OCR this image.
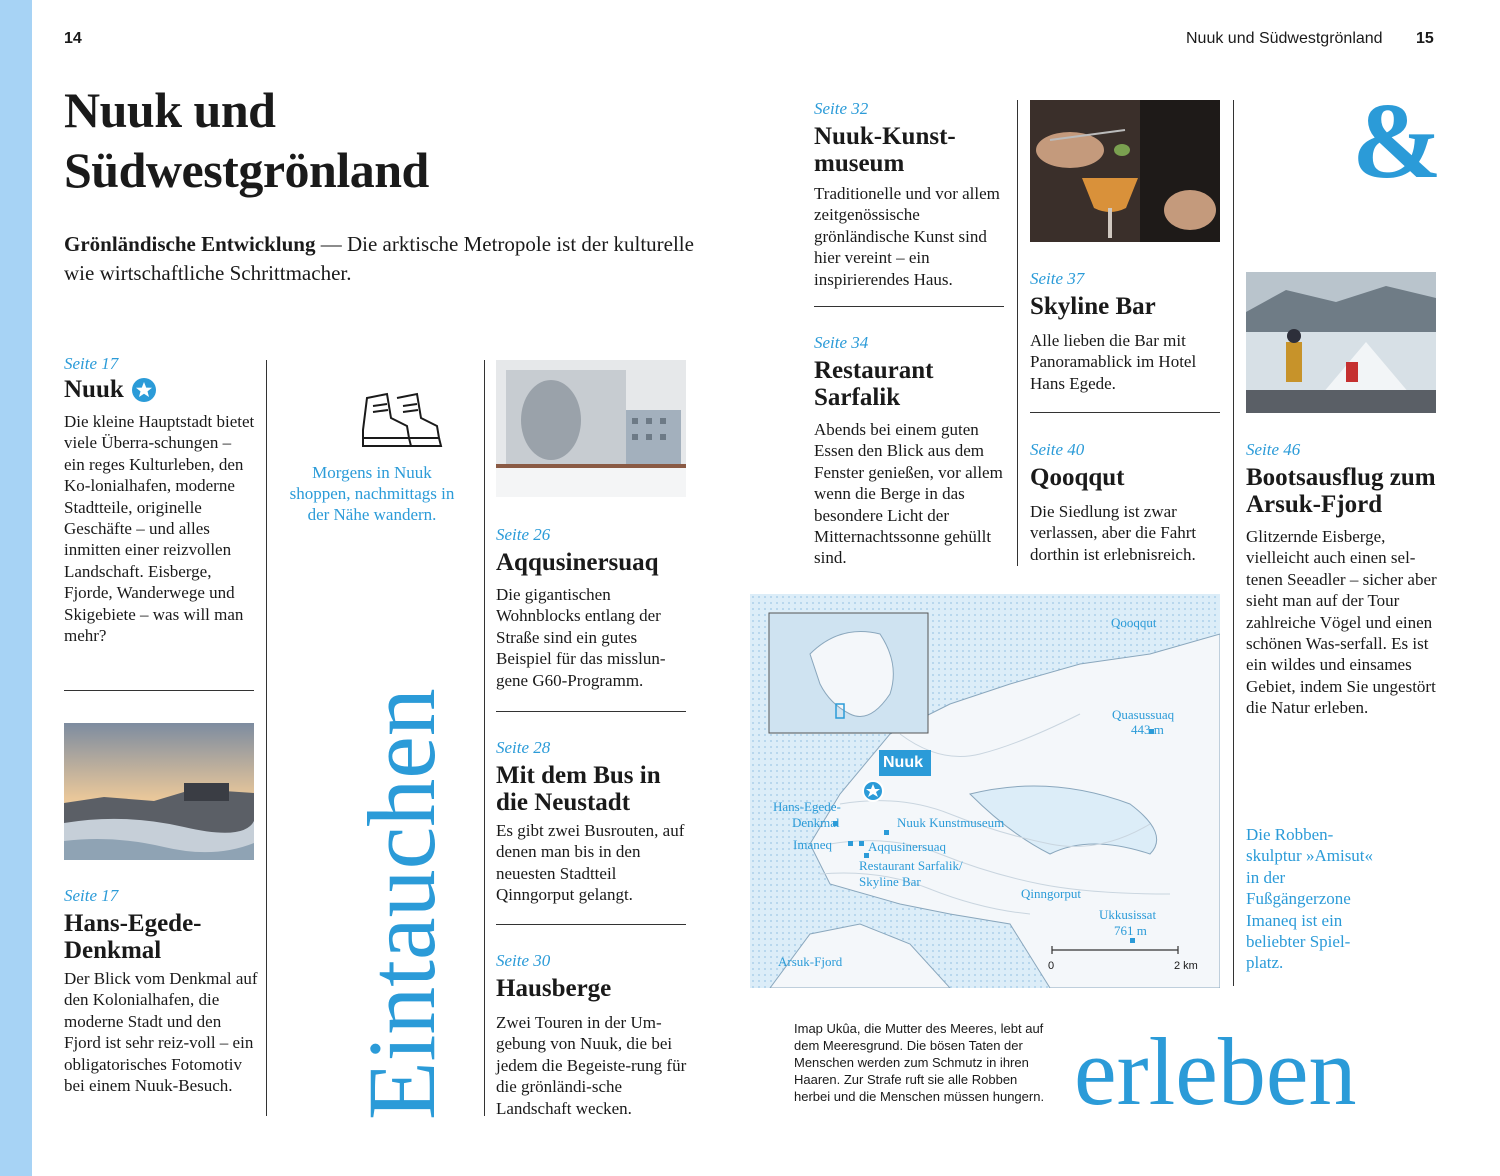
14	Nuuk und Südwestgrönland 15
Nuuk und
Südwestgrönland
Grönländische Entwicklung — Die arktische Metropole ist der kulturelle wie wirtschaftliche Schrittmacher.
Seite 17
Nuuk
Die kleine Hauptstadt bietet viele Überra-schungen – ein reges Kulturleben, den Ko-lonialhafen, moderne Stadtteile, originelle Geschäfte – und alles inmitten einer reizvollen Landschaft. Eisberge, Fjorde, Wanderwege und Skigebiete – was will man mehr?
Seite 17
Hans-Egede-Denkmal
Der Blick vom Denkmal auf den Kolonialhafen, die moderne Stadt und den Fjord ist sehr reiz-voll – ein obligatorisches Fotomotiv bei einem Nuuk-Besuch.
Morgens in Nuuk shoppen, nachmittags in der Nähe wandern.
Eintauchen
Seite 26
Aqqusinersuaq
Die gigantischen Wohnblocks entlang der Straße sind ein gutes Beispiel für das misslun-gene G60-Programm.
Seite 28
Mit dem Bus in die Neustadt
Es gibt zwei Busrouten, auf denen man bis in den neuesten Stadtteil Qinngorput gelangt.
Seite 30
Hausberge
Zwei Touren in der Um-gebung von Nuuk, die bei jedem die Begeiste-rung für die grönländi-sche Landschaft wecken.
Seite 32
Nuuk-Kunst-museum
Traditionelle und vor allem zeitgenössische grönländische Kunst sind hier vereint – ein inspirierendes Haus.
Seite 34
Restaurant Sarfalik
Abends bei einem guten Essen den Blick aus dem Fenster genießen, vor allem wenn die Berge in das besondere Licht der Mitternachtssonne gehüllt sind.
Seite 37
Skyline Bar
Alle lieben die Bar mit Panoramablick im Hotel Hans Egede.
Seite 40
Qooqqut
Die Siedlung ist zwar verlassen, aber die Fahrt dorthin ist erlebnisreich.
&
Seite 46
Bootsausflug zum Arsuk-Fjord
Glitzernde Eisberge, vielleicht auch einen sel-tenen Seeadler – sicher aber sieht man auf der Tour zahlreiche Vögel und einen schönen Was-serfall. Es ist ein wildes und einsames Gebiet, indem Sie ungestört die Natur erleben.
Die Robben-skulptur »Amisut« in der Fußgängerzone Imaneq ist ein beliebter Spiel-platz.
Qooqqut
Quasussuaq
443 m
Nuuk
Hans-Egede-
Denkmal	Nuuk Kunstmuseum
Imaneq	Aqqusinersuaq
Restaurant Sarfalik/
Skyline Bar
Qinngorput
Ukkusissat
761 m
Arsuk-Fjord	0	2 km
Imap Ukûa, die Mutter des Meeres, lebt auf dem Meeresgrund. Die bösen Taten der Menschen werden zum Schmutz in ihren Haaren. Zur Strafe ruft sie alle Robben herbei und die Menschen müssen hungern. erleben
